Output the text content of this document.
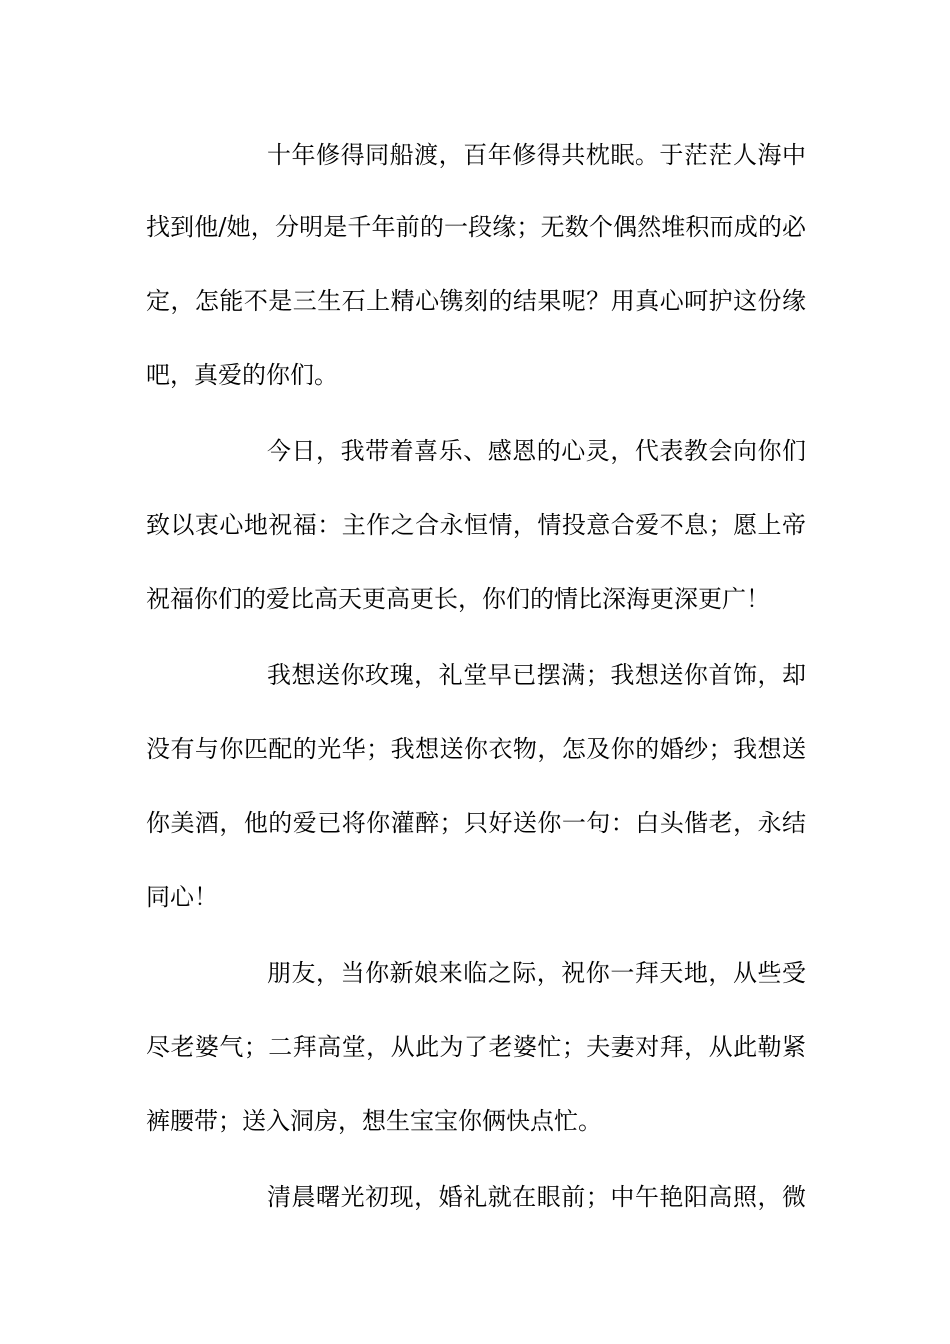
十年修得同船渡，百年修得共枕眠。于茫茫人海中
找到他/她，分明是千年前的一段缘；无数个偶然堆积而成的必
定，怎能不是三生石上精心镌刻的结果呢？用真心呵护这份缘
吧，真爱的你们。
今日，我带着喜乐、感恩的心灵，代表教会向你们
致以衷心地祝福：主作之合永恒情，情投意合爱不息；愿上帝
祝福你们的爱比高天更高更长，你们的情比深海更深更广！
我想送你玫瑰，礼堂早已摆满；我想送你首饰，却
没有与你匹配的光华；我想送你衣物，怎及你的婚纱；我想送
你美酒，他的爱已将你灌醉；只好送你一句：白头偕老，永结
同心！
朋友，当你新娘来临之际，祝你一拜天地，从些受
尽老婆气；二拜高堂，从此为了老婆忙；夫妻对拜，从此勒紧
裤腰带；送入洞房，想生宝宝你俩快点忙。
清晨曙光初现，婚礼就在眼前；中午艳阳高照，微
